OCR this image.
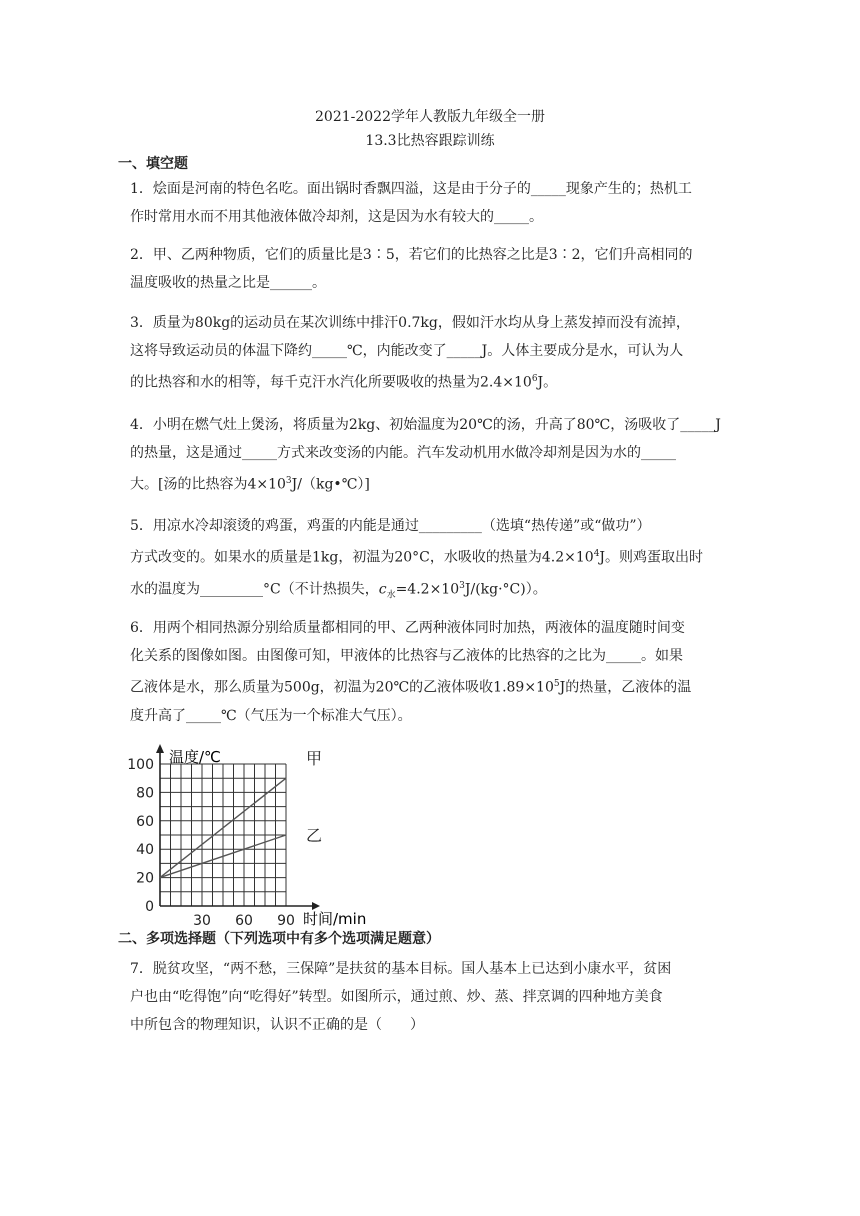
2021-2022学年人教版九年级全一册
13.3比热容跟踪训练
一、填空题
1．烩面是河南的特色名吃。面出锅时香飘四溢，这是由于分子的_____现象产生的；热机工
作时常用水而不用其他液体做冷却剂，这是因为水有较大的_____。
2．甲、乙两种物质，它们的质量比是3∶5，若它们的比热容之比是3∶2，它们升高相同的
温度吸收的热量之比是______。
3．质量为80kg的运动员在某次训练中排汗0.7kg，假如汗水均从身上蒸发掉而没有流掉，
这将导致运动员的体温下降约_____℃，内能改变了_____J。人体主要成分是水，可认为人
的比热容和水的相等，每千克汗水汽化所要吸收的热量为$2.4\times 10^6J$。
4．小明在燃气灶上煲汤，将质量为2kg、初始温度为20℃的汤，升高了80℃，汤吸收了_____J
的热量，这是通过_____方式来改变汤的内能。汽车发动机用水做冷却剂是因为水的_____
大。[汤的比热容为$4\times 10^3J/(kg•℃)$]
5．用凉水冷却滚烫的鸡蛋，鸡蛋的内能是通过_________（选填“热传递”或“做功”）
方式改变的。如果水的质量是1kg，初温为20°C，水吸收的热量为$4.2\times 10^4J$。则鸡蛋取出时
水的温度为_________°C（不计热损失，$c_水=4.2\times 10^3J/(kg\cdot^\circ C)$）。
6．用两个相同热源分别给质量都相同的甲、乙两种液体同时加热，两液体的温度随时间变
化关系的图像如图。由图像可知，甲液体的比热容与乙液体的比热容的之比为_____。如果
乙液体是水，那么质量为500g，初温为20℃的乙液体吸收$1.89\times 10^5J$的热量，乙液体的温
度升高了_____℃（气压为一个标准大气压）。
0
20
40
60
80
100
30 60 90
甲
乙
温度/℃
时间/min
二、多项选择题（下列选项中有多个选项满足题意）
7．脱贫攻坚，“两不愁，三保障”是扶贫的基本目标。国人基本上已达到小康水平，贫困
户也由“吃得饱”向“吃得好”转型。如图所示，通过煎、炒、蒸、拌烹调的四种地方美食
中所包含的物理知识，认识不正确的是（　　）
